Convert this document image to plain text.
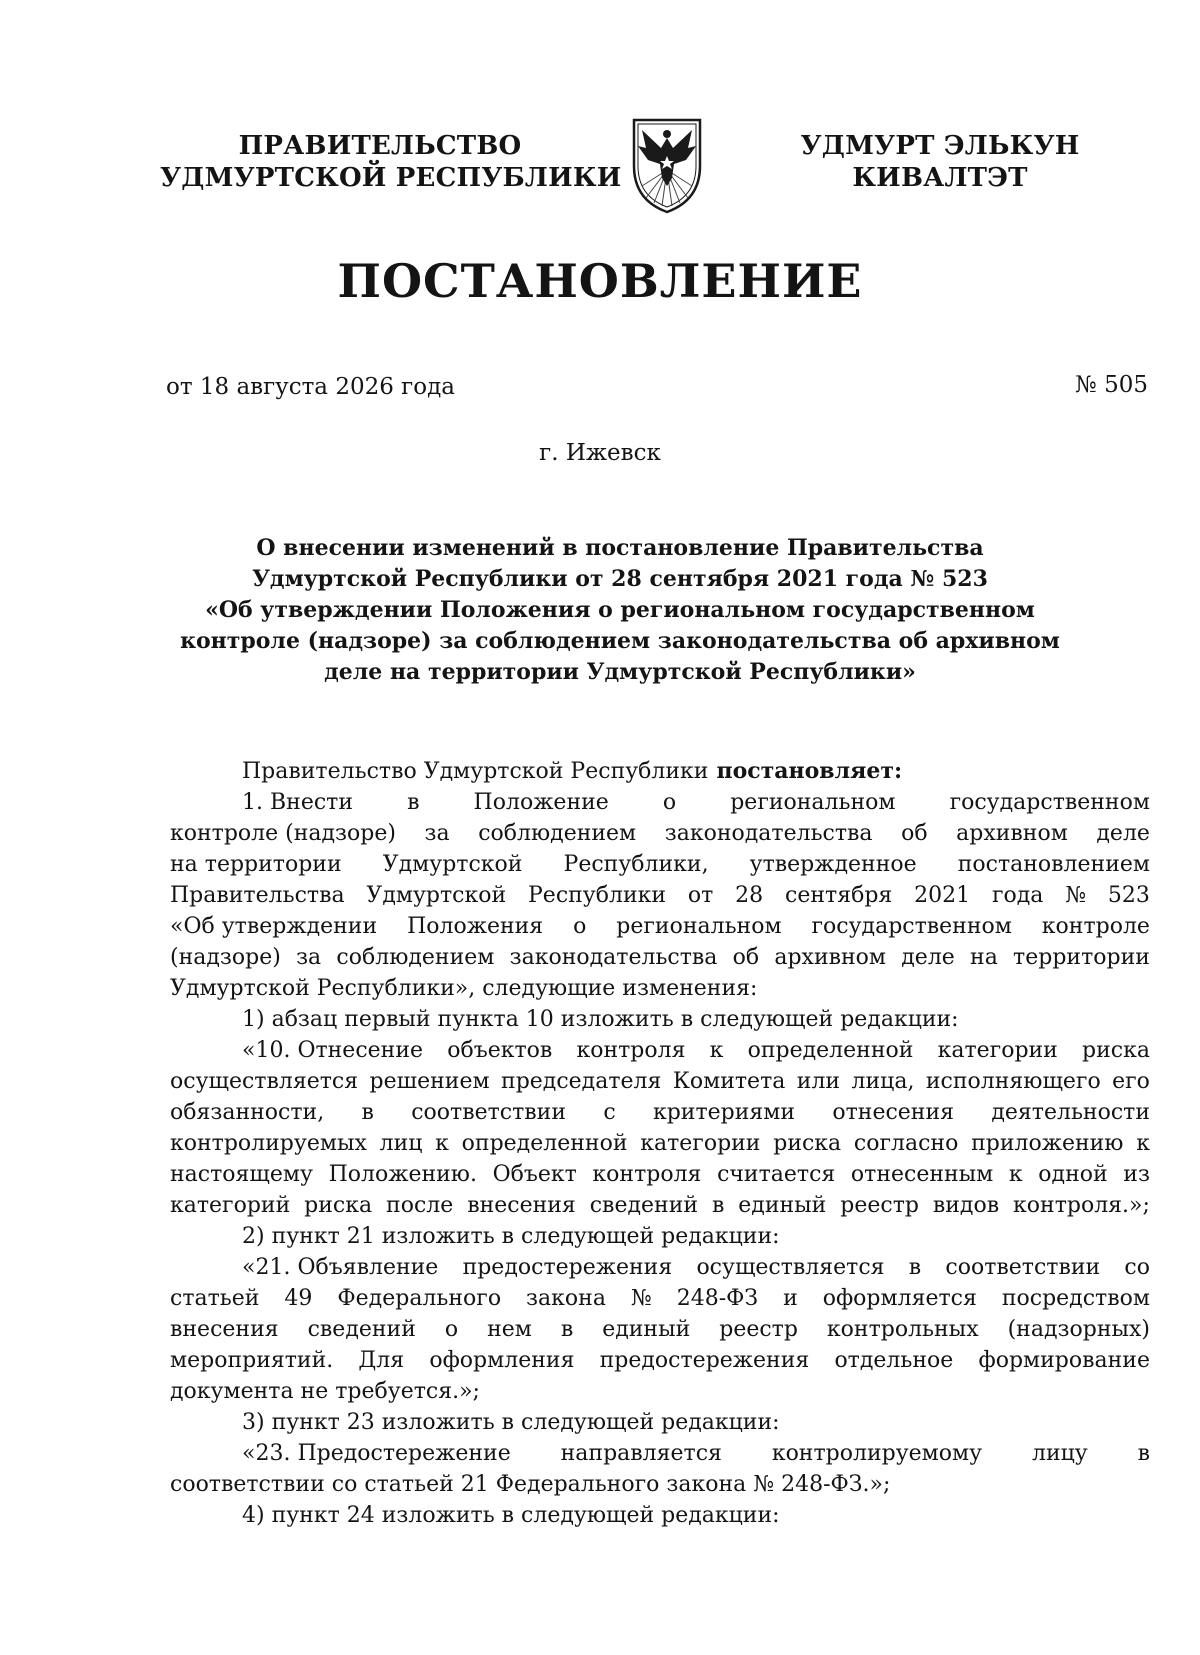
ПРАВИТЕЛЬСТВО
УДМУРТСКОЙ РЕСПУБЛИКИ
УДМУРТ ЭЛЬКУН
КИВАЛТЭТ
ПОСТАНОВЛЕНИЕ
от 18 августа 2026 года	№ 505
г. Ижевск
О внесении изменений в постановление Правительства
Удмуртской Республики от 28 сентября 2021 года № 523
«Об утверждении Положения о региональном государственном
контроле (надзоре) за соблюдением законодательства об архивном
деле на территории Удмуртской Республики»
Правительство Удмуртской Республики постановляет:
1. Внести в Положение о региональном государственном
контроле (надзоре) за соблюдением законодательства об архивном деле
на территории Удмуртской Республики, утвержденное постановлением
Правительства Удмуртской Республики от 28 сентября 2021 года № 523
«Об утверждении Положения о региональном государственном контроле
(надзоре) за соблюдением законодательства об архивном деле на территории
Удмуртской Республики», следующие изменения:
1) абзац первый пункта 10 изложить в следующей редакции:
«10. Отнесение объектов контроля к определенной категории риска
осуществляется решением председателя Комитета или лица, исполняющего его
обязанности, в соответствии с критериями отнесения деятельности
контролируемых лиц к определенной категории риска согласно приложению к
настоящему Положению. Объект контроля считается отнесенным к одной из
категорий риска после внесения сведений в единый реестр видов контроля.»;
2) пункт 21 изложить в следующей редакции:
«21. Объявление предостережения осуществляется в соответствии со
статьей 49 Федерального закона № 248-ФЗ и оформляется посредством
внесения сведений о нем в единый реестр контрольных (надзорных)
мероприятий. Для оформления предостережения отдельное формирование
документа не требуется.»;
3) пункт 23 изложить в следующей редакции:
«23. Предостережение направляется контролируемому лицу в
соответствии со статьей 21 Федерального закона № 248-ФЗ.»;
4) пункт 24 изложить в следующей редакции:
